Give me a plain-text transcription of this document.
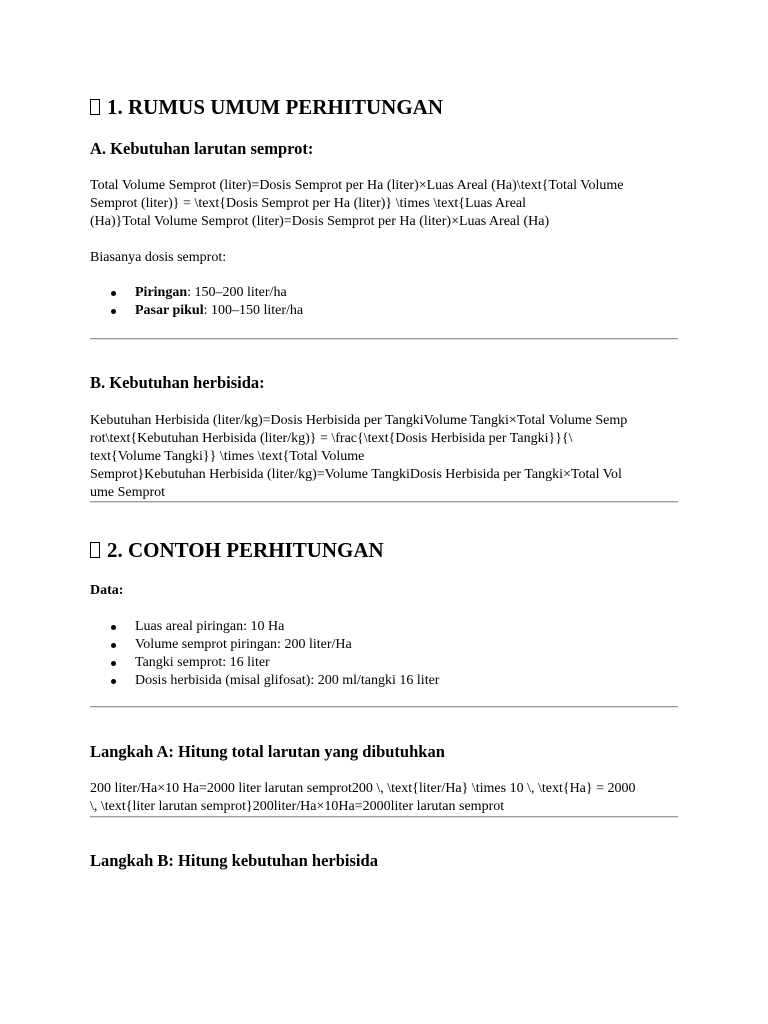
1. RUMUS UMUM PERHITUNGAN
A. Kebutuhan larutan semprot:

Total Volume Semprot (liter)=Dosis Semprot per Ha (liter)×Luas Areal (Ha)\text{Total Volume

Semprot (liter)} = \text{Dosis Semprot per Ha (liter)} \times \text{Luas Areal

(Ha)}Total Volume Semprot (liter)=Dosis Semprot per Ha (liter)×Luas Areal (Ha)

Biasanya dosis semprot:

Piringan: 150–200 liter/ha
Pasar pikul: 100–150 liter/ha
B. Kebutuhan herbisida:

Kebutuhan Herbisida (liter/kg)=Dosis Herbisida per TangkiVolume Tangki×Total Volume Semp

rot\text{Kebutuhan Herbisida (liter/kg)} = \frac{\text{Dosis Herbisida per Tangki}}{\

text{Volume Tangki}} \times \text{Total Volume

Semprot}Kebutuhan Herbisida (liter/kg)=Volume TangkiDosis Herbisida per Tangki×Total Vol

ume Semprot

2. CONTOH PERHITUNGAN
Data:
Luas areal piringan: 10 Ha
Volume semprot piringan: 200 liter/Ha
Tangki semprot: 16 liter
Dosis herbisida (misal glifosat): 200 ml/tangki 16 liter
Langkah A: Hitung total larutan yang dibutuhkan

200 liter/Ha×10 Ha=2000 liter larutan semprot200 \, \text{liter/Ha} \times 10 \, \text{Ha} = 2000

\, \text{liter larutan semprot}200liter/Ha×10Ha=2000liter larutan semprot

Langkah B: Hitung kebutuhan herbisida
